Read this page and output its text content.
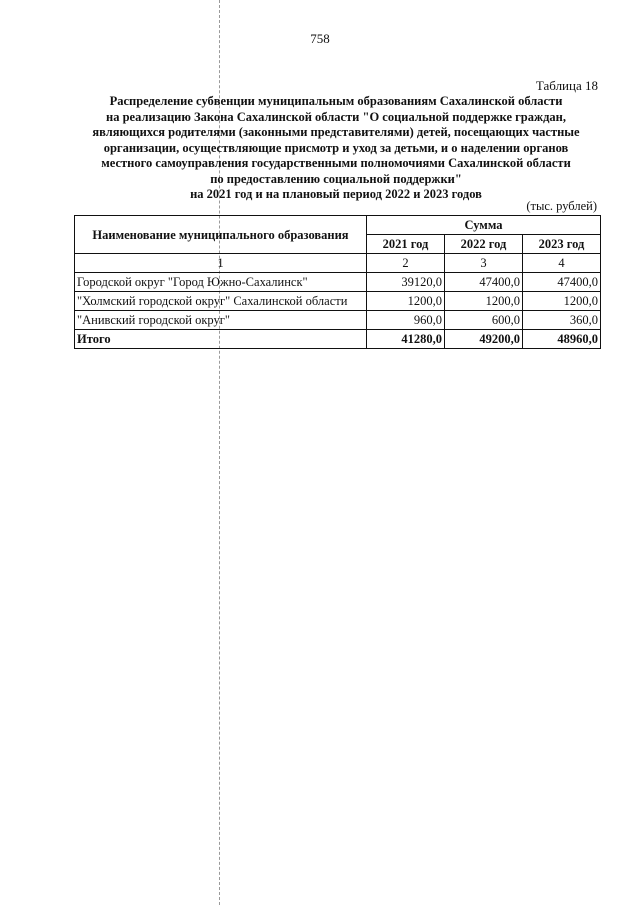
758
Таблица 18
Распределение субвенции муниципальным образованиям Сахалинской области
на реализацию Закона Сахалинской области "О социальной поддержке граждан,
являющихся родителями (законными представителями) детей, посещающих частные
организации, осуществляющие присмотр и уход за детьми, и о наделении органов
местного самоуправления государственными полномочиями Сахалинской области
по предоставлению социальной поддержки"
на 2021 год и на плановый период 2022 и 2023 годов
(тыс. рублей)
Наименование муниципального образования	Сумма		
	2021 год	2022 год	2023 год
1	2	3	4
Городской округ "Город Южно-Сахалинск"	39120,0	47400,0	47400,0
"Холмский городской округ" Сахалинской области	1200,0	1200,0	1200,0
"Анивский городской округ"	960,0	600,0	360,0
Итого	41280,0	49200,0	48960,0
